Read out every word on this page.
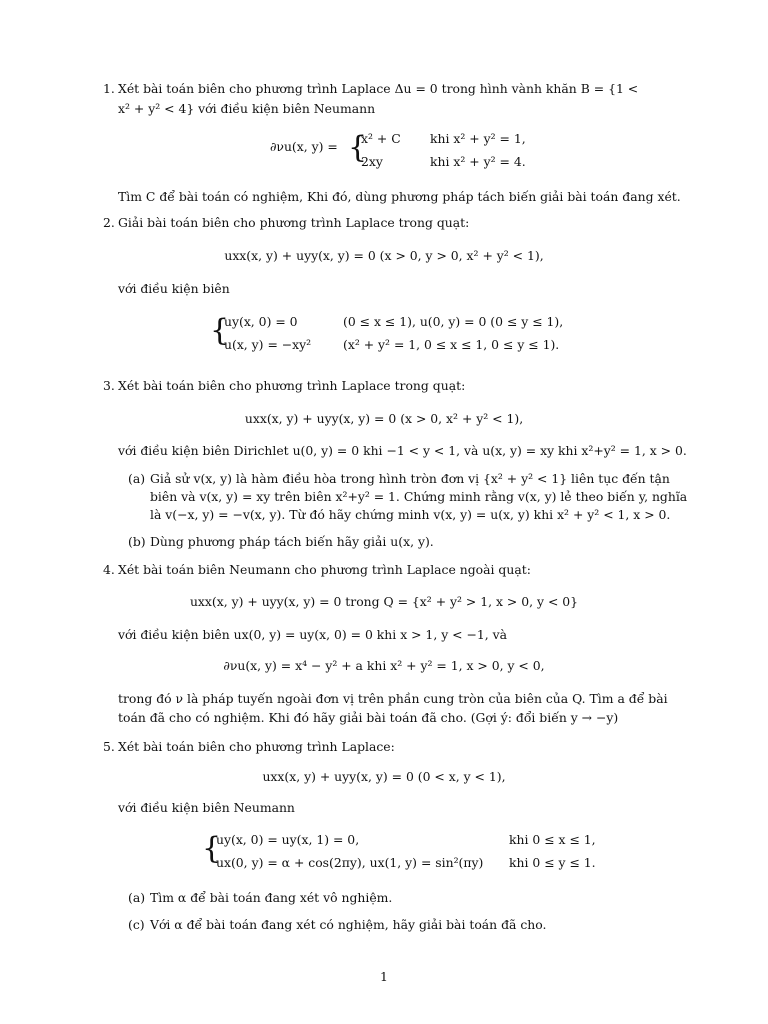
1. Xét bài toán biên cho phương trình Laplace Δu = 0 trong hình vành khăn B = {1 <
x² + y² < 4} với điều kiện biên Neumann
∂νu(x, y) = {
x² + C khi x² + y² = 1,
2xy	khi x² + y² = 4.
Tìm C để bài toán có nghiệm, Khi đó, dùng phương pháp tách biến giải bài toán đang xét.
2. Giải bài toán biên cho phương trình Laplace trong quạt:
uxx(x, y) + uyy(x, y) = 0 (x > 0, y > 0, x² + y² < 1),
với điều kiện biên
{
uy(x, 0) = 0	(0 ≤ x ≤ 1), u(0, y) = 0 (0 ≤ y ≤ 1),
u(x, y) = −xy²	(x² + y² = 1, 0 ≤ x ≤ 1, 0 ≤ y ≤ 1).
3. Xét bài toán biên cho phương trình Laplace trong quạt:
uxx(x, y) + uyy(x, y) = 0 (x > 0, x² + y² < 1),
với điều kiện biên Dirichlet u(0, y) = 0 khi −1 < y < 1, và u(x, y) = xy khi x²+y² = 1, x > 0.
(a) Giả sử v(x, y) là hàm điều hòa trong hình tròn đơn vị {x² + y² < 1} liên tục đến tận
biên và v(x, y) = xy trên biên x²+y² = 1. Chứng minh rằng v(x, y) lẻ theo biến y, nghĩa
là v(−x, y) = −v(x, y). Từ đó hãy chứng minh v(x, y) = u(x, y) khi x² + y² < 1, x > 0.
(b) Dùng phương pháp tách biến hãy giải u(x, y).
4. Xét bài toán biên Neumann cho phương trình Laplace ngoài quạt:
uxx(x, y) + uyy(x, y) = 0 trong Q = {x² + y² > 1, x > 0, y < 0}
với điều kiện biên ux(0, y) = uy(x, 0) = 0 khi x > 1, y < −1, và
∂νu(x, y) = x⁴ − y² + a khi x² + y² = 1, x > 0, y < 0,
trong đó ν là pháp tuyến ngoài đơn vị trên phần cung tròn của biên của Q. Tìm a để bài
toán đã cho có nghiệm. Khi đó hãy giải bài toán đã cho. (Gợi ý: đổi biến y → −y)
5. Xét bài toán biên cho phương trình Laplace:
uxx(x, y) + uyy(x, y) = 0 (0 < x, y < 1),
với điều kiện biên Neumann
{
uy(x, 0) = uy(x, 1) = 0,	khi 0 ≤ x ≤ 1,
ux(0, y) = α + cos(2πy), ux(1, y) = sin²(πy) khi 0 ≤ y ≤ 1.
(a) Tìm α để bài toán đang xét vô nghiệm.
(c) Với α để bài toán đang xét có nghiệm, hãy giải bài toán đã cho.
1
